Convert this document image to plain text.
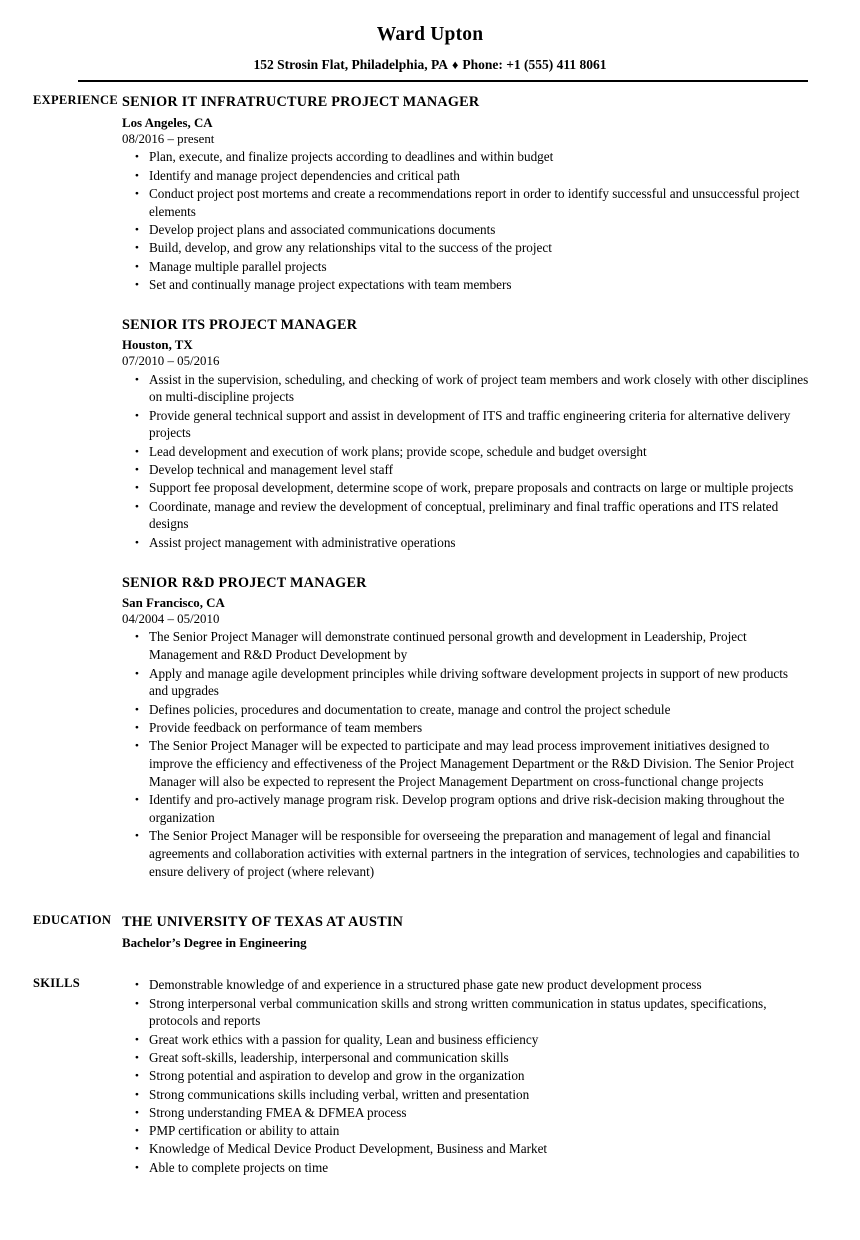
Ward Upton
152 Strosin Flat, Philadelphia, PA ♦ Phone: +1 (555) 411 8061
EXPERIENCE SENIOR IT INFRATRUCTURE PROJECT MANAGER
Los Angeles, CA
08/2016 – present
● Plan, execute, and finalize projects according to deadlines and within budget
● Identify and manage project dependencies and critical path
● Conduct project post mortems and create a recommendations report in order to identify successful and unsuccessful project elements
● Develop project plans and associated communications documents
● Build, develop, and grow any relationships vital to the success of the project
● Manage multiple parallel projects
● Set and continually manage project expectations with team members
SENIOR ITS PROJECT MANAGER
Houston, TX
07/2010 – 05/2016
● Assist in the supervision, scheduling, and checking of work of project team members and work closely with other disciplines on multi-discipline projects
● Provide general technical support and assist in development of ITS and traffic engineering criteria for alternative delivery projects
● Lead development and execution of work plans; provide scope, schedule and budget oversight
● Develop technical and management level staff
● Support fee proposal development, determine scope of work, prepare proposals and contracts on large or multiple projects
● Coordinate, manage and review the development of conceptual, preliminary and final traffic operations and ITS related designs
● Assist project management with administrative operations
SENIOR R&D PROJECT MANAGER
San Francisco, CA
04/2004 – 05/2010
● The Senior Project Manager will demonstrate continued personal growth and development in Leadership, Project Management and R&D Product Development by
● Apply and manage agile development principles while driving software development projects in support of new products and upgrades
● Defines policies, procedures and documentation to create, manage and control the project schedule
● Provide feedback on performance of team members
● The Senior Project Manager will be expected to participate and may lead process improvement initiatives designed to improve the efficiency and effectiveness of the Project Management Department or the R&D Division. The Senior Project Manager will also be expected to represent the Project Management Department on cross-functional change projects
● Identify and pro-actively manage program risk. Develop program options and drive risk-decision making throughout the organization
● The Senior Project Manager will be responsible for overseeing the preparation and management of legal and financial agreements and collaboration activities with external partners in the integration of services, technologies and capabilities to ensure delivery of project (where relevant)
EDUCATION THE UNIVERSITY OF TEXAS AT AUSTIN
Bachelor’s Degree in Engineering
SKILLS	● Demonstrable knowledge of and experience in a structured phase gate new product development process
● Strong interpersonal verbal communication skills and strong written communication in status updates, specifications, protocols and reports
● Great work ethics with a passion for quality, Lean and business efficiency
● Great soft-skills, leadership, interpersonal and communication skills
● Strong potential and aspiration to develop and grow in the organization
● Strong communications skills including verbal, written and presentation
● Strong understanding FMEA & DFMEA process
● PMP certification or ability to attain
● Knowledge of Medical Device Product Development, Business and Market
● Able to complete projects on time
